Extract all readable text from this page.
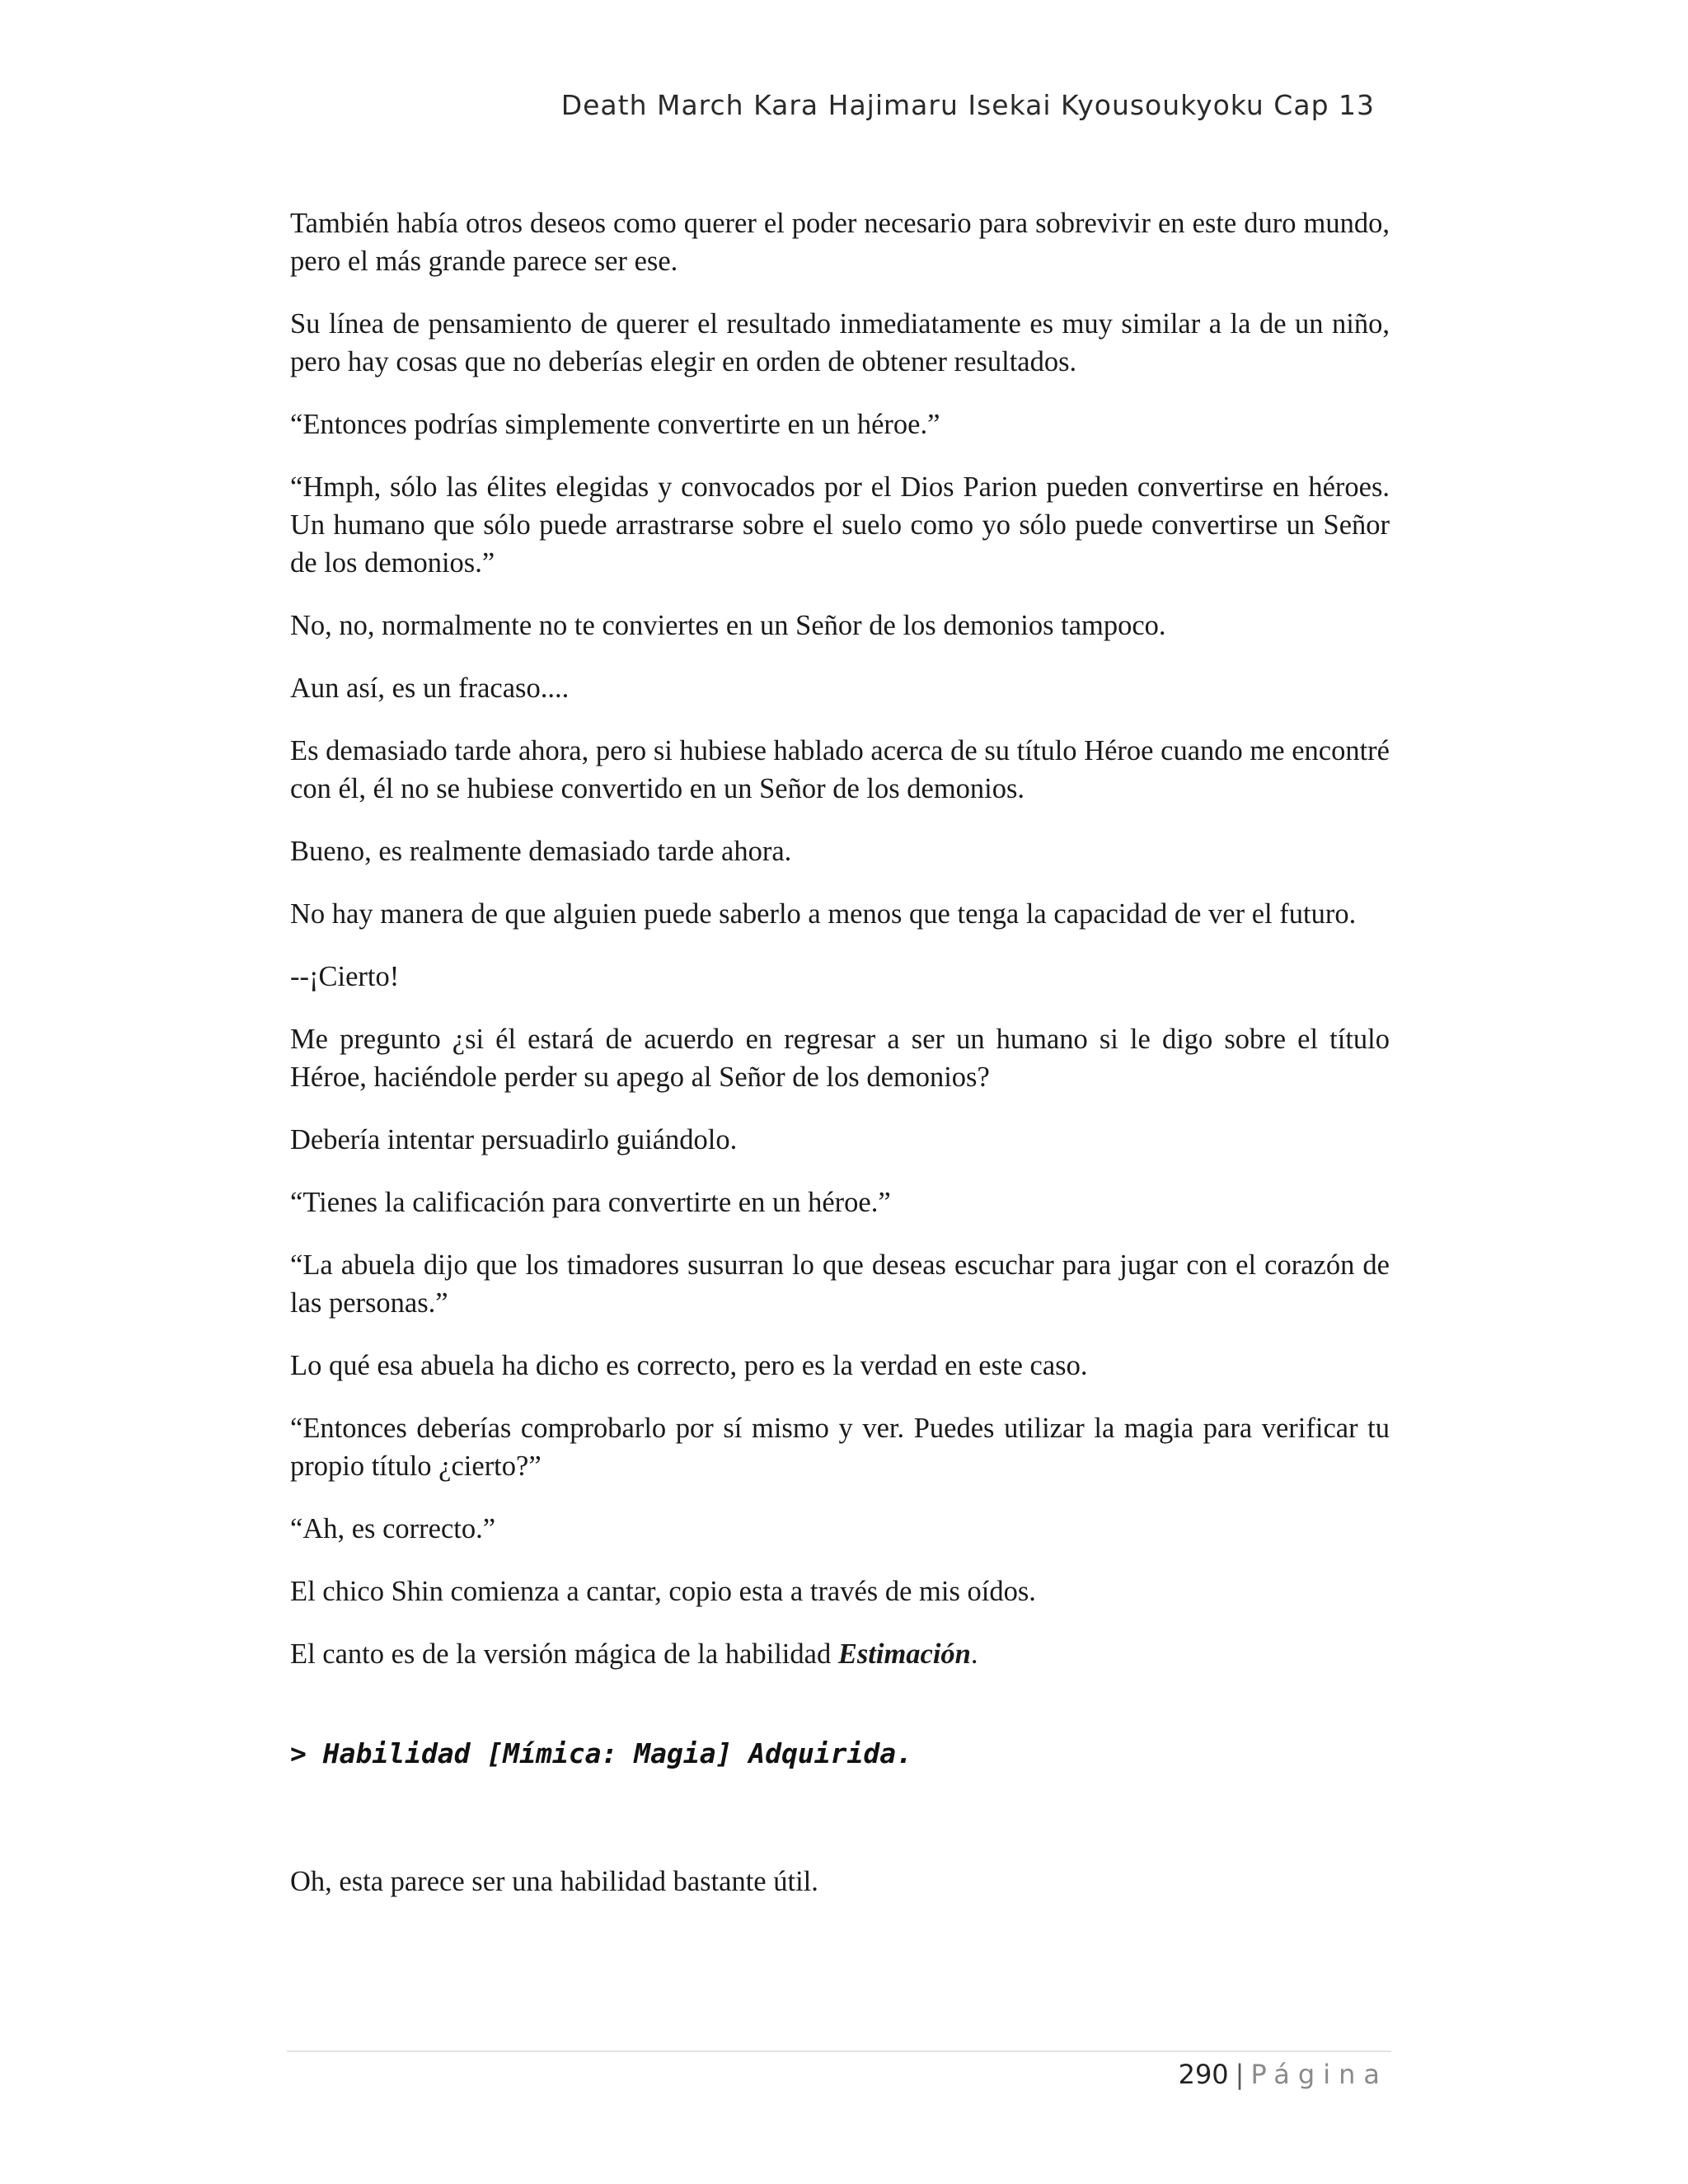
Death March Kara Hajimaru Isekai Kyousoukyoku Cap 13

También había otros deseos como querer el poder necesario para sobrevivir en este duro mundo, pero el más grande parece ser ese.

Su línea de pensamiento de querer el resultado inmediatamente es muy similar a la de un niño, pero hay cosas que no deberías elegir en orden de obtener resultados.

“Entonces podrías simplemente convertirte en un héroe.”

“Hmph, sólo las élites elegidas y convocados por el Dios Parion pueden convertirse en héroes. Un humano que sólo puede arrastrarse sobre el suelo como yo sólo puede convertirse un Señor de los demonios.”

No, no, normalmente no te conviertes en un Señor de los demonios tampoco.

Aun así, es un fracaso....

Es demasiado tarde ahora, pero si hubiese hablado acerca de su título Héroe cuando me encontré con él, él no se hubiese convertido en un Señor de los demonios.

Bueno, es realmente demasiado tarde ahora.

No hay manera de que alguien puede saberlo a menos que tenga la capacidad de ver el futuro.

--¡Cierto!

Me pregunto ¿si él estará de acuerdo en regresar a ser un humano si le digo sobre el título Héroe, haciéndole perder su apego al Señor de los demonios?

Debería intentar persuadirlo guiándolo.

“Tienes la calificación para convertirte en un héroe.”

“La abuela dijo que los timadores susurran lo que deseas escuchar para jugar con el corazón de las personas.”

Lo qué esa abuela ha dicho es correcto, pero es la verdad en este caso.

“Entonces deberías comprobarlo por sí mismo y ver. Puedes utilizar la magia para verificar tu propio título ¿cierto?”

“Ah, es correcto.”

El chico Shin comienza a cantar, copio esta a través de mis oídos.

El canto es de la versión mágica de la habilidad Estimación.

> Habilidad [Mímica: Magia] Adquirida.

Oh, esta parece ser una habilidad bastante útil.

290 | Página
